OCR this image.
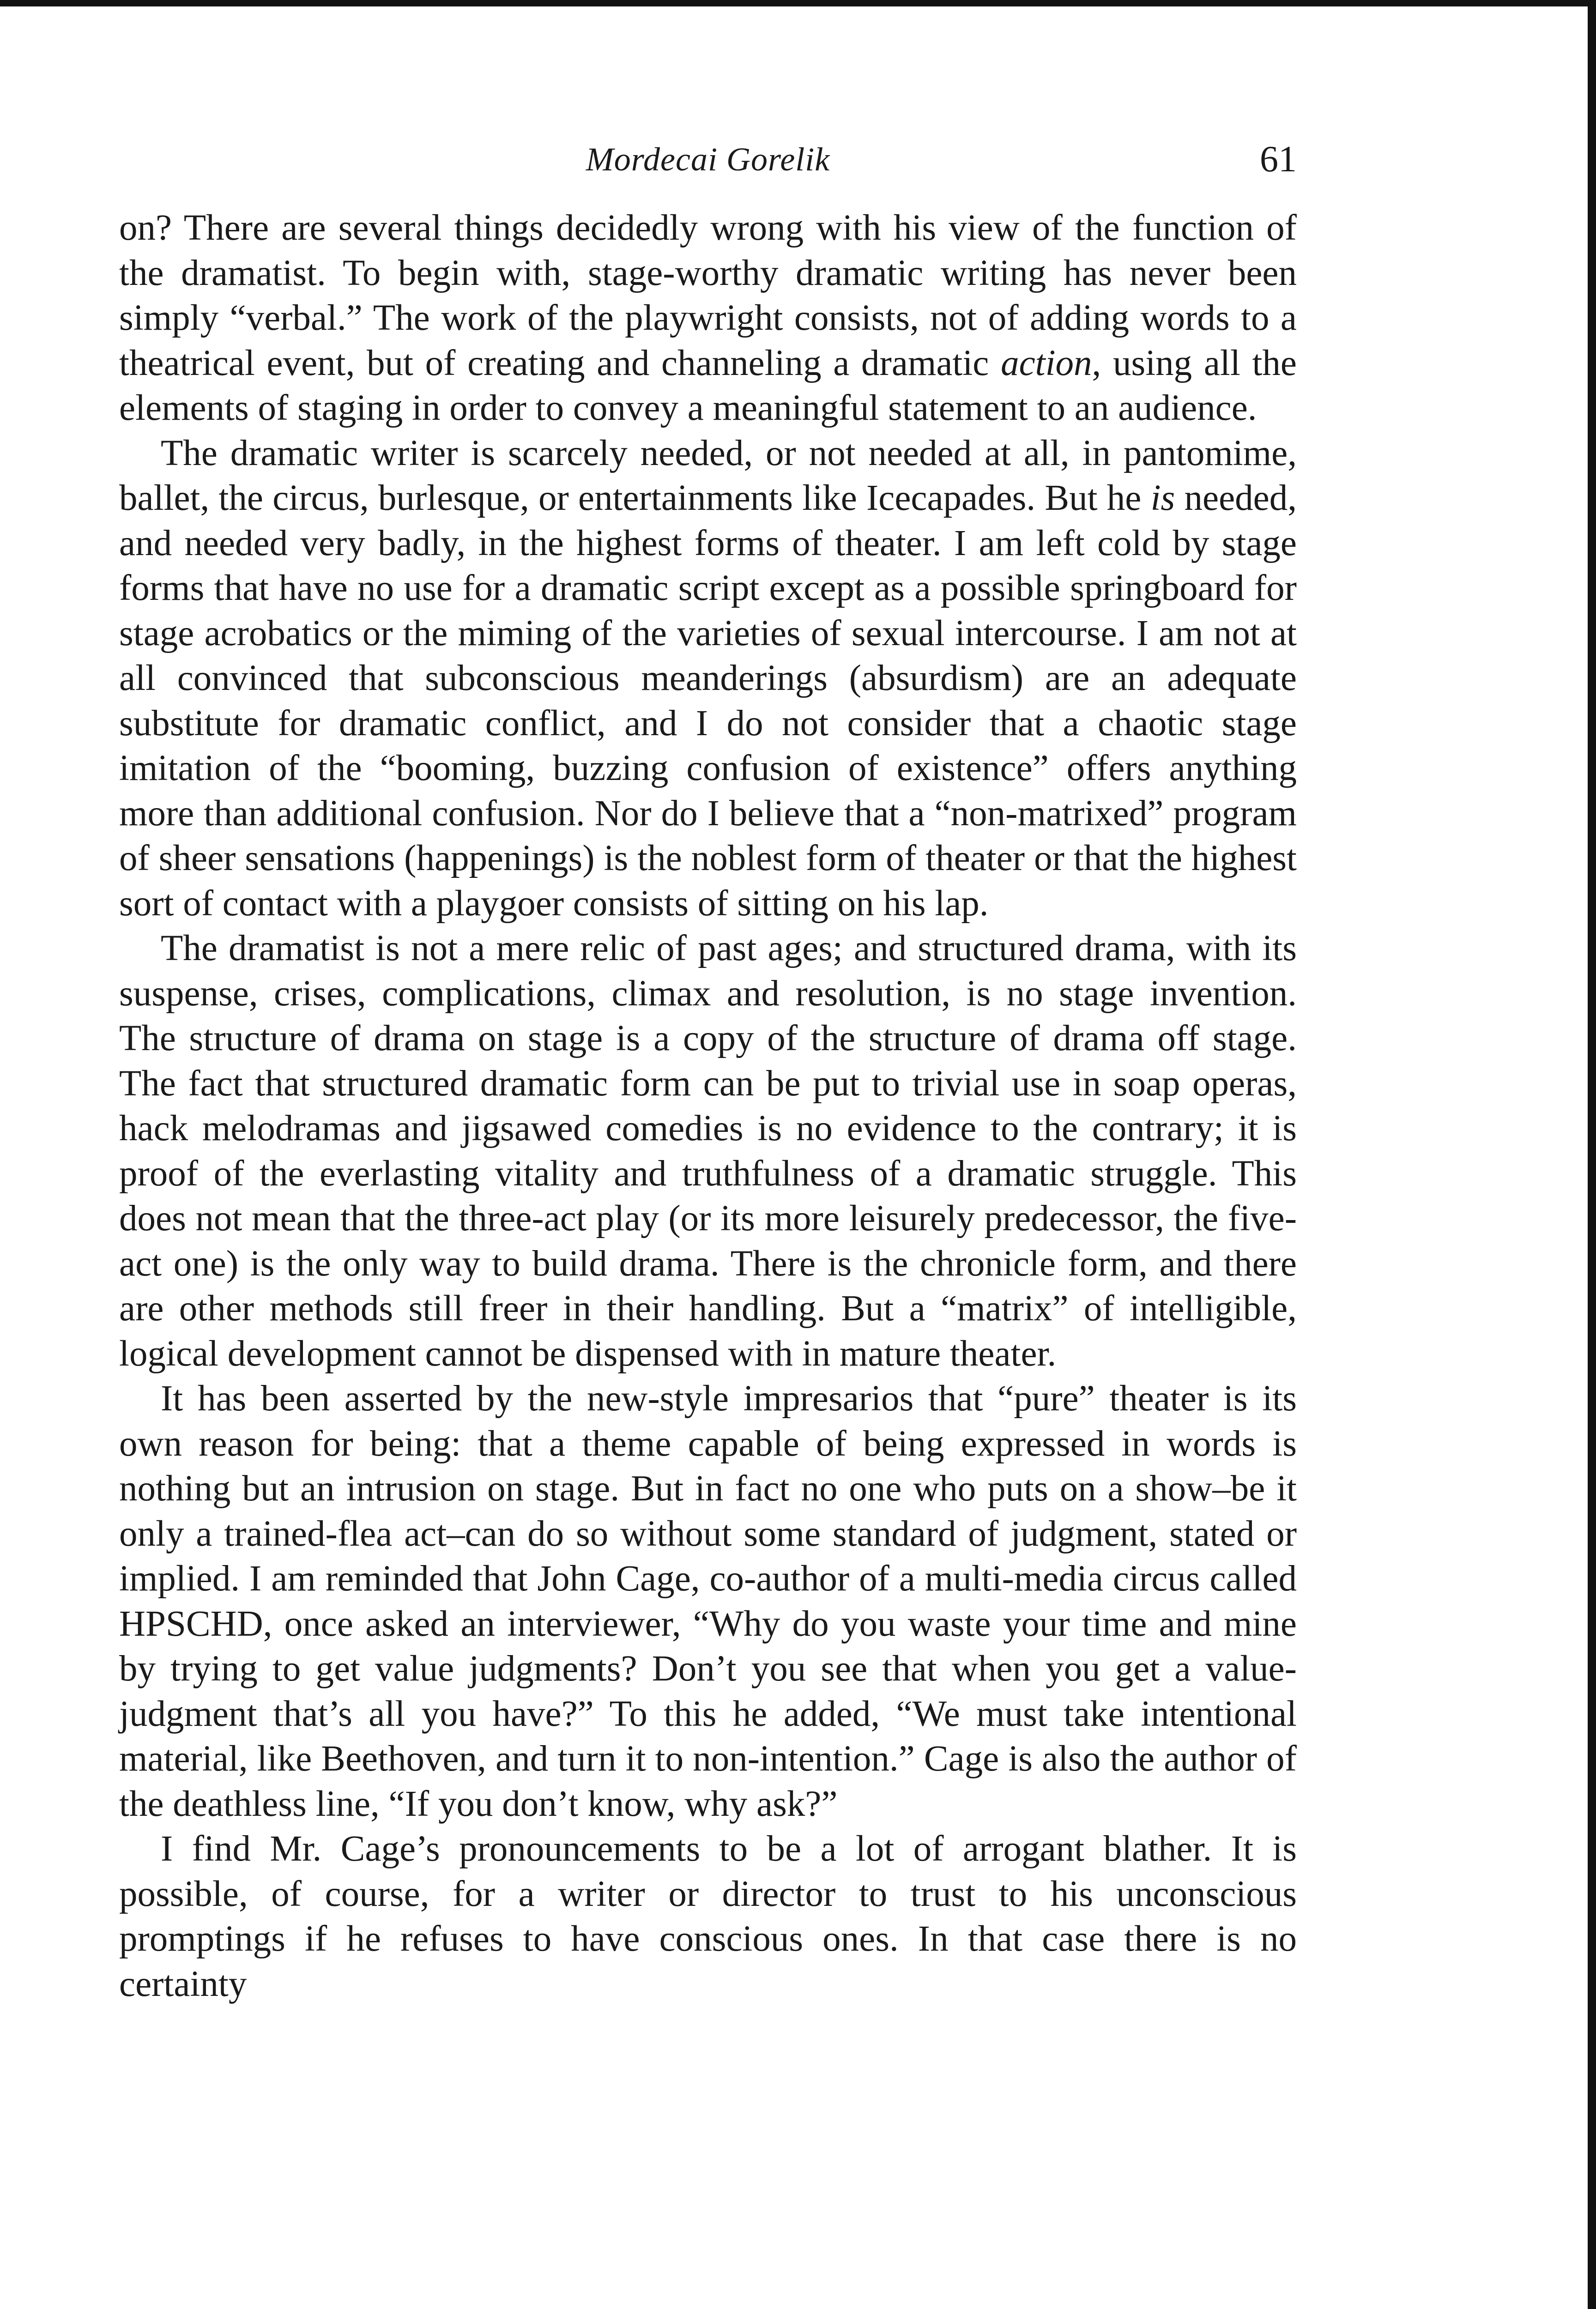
Mordecai Gorelik	61

on? There are several things decidedly wrong with his view of the function of the dramatist. To begin with, stage-worthy dramatic writing has never been simply “verbal.” The work of the playwright consists, not of adding words to a theatrical event, but of creating and channeling a dramatic action, using all the elements of staging in order to convey a meaningful statement to an audience.

The dramatic writer is scarcely needed, or not needed at all, in pantomime, ballet, the circus, burlesque, or entertainments like Icecapades. But he is needed, and needed very badly, in the highest forms of theater. I am left cold by stage forms that have no use for a dramatic script except as a possible springboard for stage acrobatics or the miming of the varieties of sexual intercourse. I am not at all convinced that subconscious meanderings (absurdism) are an adequate substitute for dramatic conflict, and I do not consider that a chaotic stage imitation of the “booming, buzzing confusion of existence” offers anything more than additional confusion. Nor do I believe that a “non-matrixed” program of sheer sensations (happenings) is the noblest form of theater or that the highest sort of contact with a playgoer consists of sitting on his lap.

The dramatist is not a mere relic of past ages; and structured drama, with its suspense, crises, complications, climax and resolution, is no stage invention. The structure of drama on stage is a copy of the structure of drama off stage. The fact that structured dramatic form can be put to trivial use in soap operas, hack melodramas and jigsawed comedies is no evidence to the contrary; it is proof of the everlasting vitality and truthfulness of a dramatic struggle. This does not mean that the three-act play (or its more leisurely predecessor, the five-act one) is the only way to build drama. There is the chronicle form, and there are other methods still freer in their handling. But a “matrix” of intelligible, logical development cannot be dispensed with in mature theater.

It has been asserted by the new-style impresarios that “pure” theater is its own reason for being: that a theme capable of being expressed in words is nothing but an intrusion on stage. But in fact no one who puts on a show–be it only a trained-flea act–can do so without some standard of judgment, stated or implied. I am reminded that John Cage, co-author of a multi-media circus called HPSCHD, once asked an interviewer, “Why do you waste your time and mine by trying to get value judgments? Don’t you see that when you get a value-judgment that’s all you have?” To this he added, “We must take intentional material, like Beethoven, and turn it to non-intention.” Cage is also the author of the deathless line, “If you don’t know, why ask?”

I find Mr. Cage’s pronouncements to be a lot of arrogant blather. It is possible, of course, for a writer or director to trust to his unconscious promptings if he refuses to have conscious ones. In that case there is no certainty
